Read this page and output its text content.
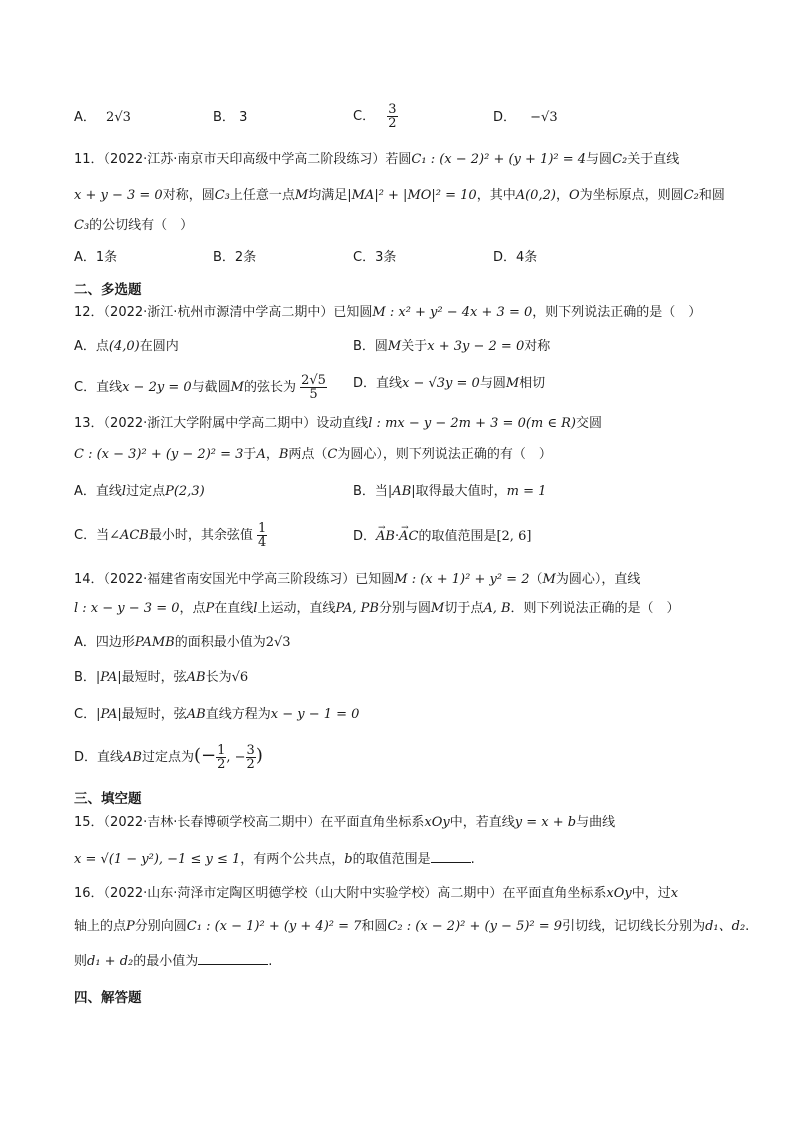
A． 2√3	B． 3	C． $\frac{3}{2}$	D． −√3
11．（2022·江苏·南京市天印高级中学高二阶段练习）若圆C₁ : (x − 2)² + (y + 1)² = 4与圆C₂关于直线
x + y − 3 = 0对称，圆C₃上任意一点M均满足|MA|² + |MO|² = 10，其中A(0,2)，O为坐标原点，则圆C₂和圆
C₃的公切线有（　）
A．1条	B．2条	C．3条	D．4条
二、多选题
12．（2022·浙江·杭州市源清中学高二期中）已知圆M : x² + y² − 4x + 3 = 0，则下列说法正确的是（　）
A．点(4,0)在圆内	B．圆M关于x + 3y − 2 = 0对称
C．直线x − 2y = 0与截圆M的弦长为 $\frac{2√5}{5}$ D．直线x − √3y = 0与圆M相切
13．（2022·浙江大学附属中学高二期中）设动直线l : mx − y − 2m + 3 = 0(m ∈ R)交圆
C : (x − 3)² + (y − 2)² = 3于A，B两点（C为圆心），则下列说法正确的有（　）
A．直线l过定点P(2,3)	B．当|AB|取得最大值时，m = 1
C．当∠ACB最小时，其余弦值 $\frac{1}{4}$	D．→ AB·→ AC的取值范围是[2, 6]
14．（2022·福建省南安国光中学高三阶段练习）已知圆M : (x + 1)² + y² = 2（M为圆心），直线
l : x − y − 3 = 0，点P在直线l上运动，直线PA, PB分别与圆M切于点A, B．则下列说法正确的是（　）
A．四边形PAMB的面积最小值为2√3
B．|PA|最短时，弦AB长为√6
C．|PA|最短时，弦AB直线方程为x − y − 1 = 0
D．直线AB过定点为(− $\frac{1}{2}$ , − $\frac{3}{2}$ )
三、填空题
15．（2022·吉林·长春博硕学校高二期中）在平面直角坐标系xOy中，若直线y = x + b与曲线
x = √(1 − y²), −1 ≤ y ≤ 1，有两个公共点，b的取值范围是	.
16．（2022·山东·菏泽市定陶区明德学校（山大附中实验学校）高二期中）在平面直角坐标系xOy中，过x
轴上的点P分别向圆C₁ : (x − 1)² + (y + 4)² = 7和圆C₂ : (x − 2)² + (y − 5)² = 9引切线，记切线长分别为d₁、d₂.
则d₁ + d₂的最小值为	.
四、解答题
